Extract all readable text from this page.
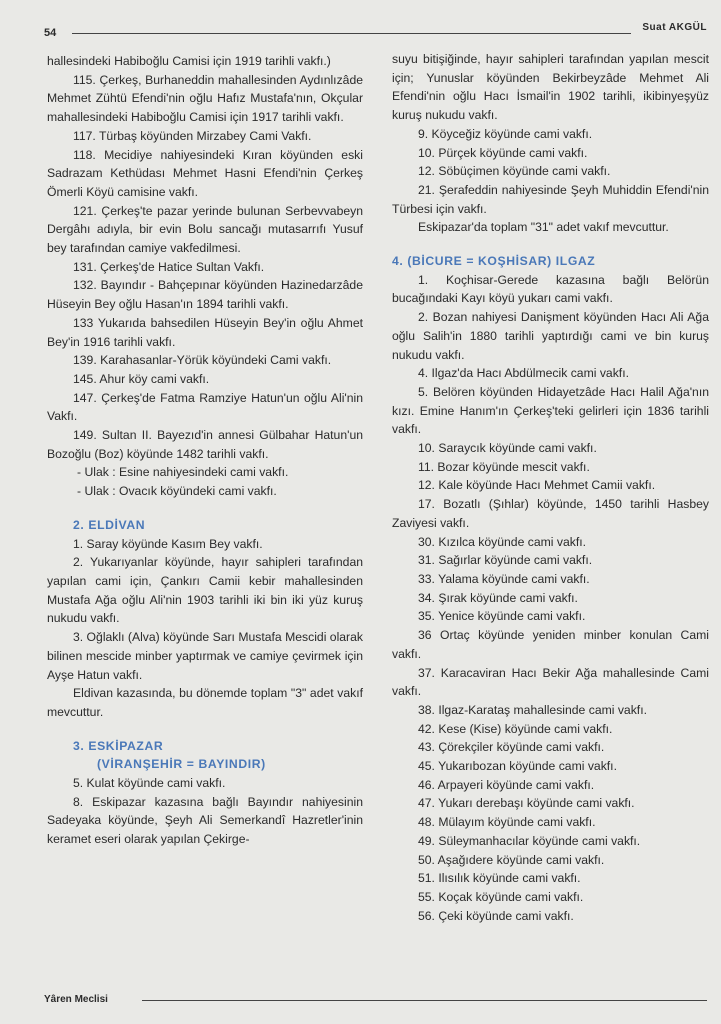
54	Suat AKGÜL

hallesindeki Habiboğlu Camisi için 1919 tarihli vakfı.)

115. Çerkeş, Burhaneddin mahallesinden Aydınlızâde Mehmet Zühtü Efendi'nin oğlu Hafız Mustafa'nın, Okçular mahallesindeki Habiboğlu Camisi için 1917 tarihli vakfı.

117. Türbaş köyünden Mirzabey Cami Vakfı.

118. Mecidiye nahiyesindeki Kıran köyünden eski Sadrazam Kethüdası Mehmet Hasni Efendi'nin Çerkeş Ömerli Köyü camisine vakfı.

121. Çerkeş'te pazar yerinde bulunan Serbevvabeyn Dergâhı adıyla, bir evin Bolu sancağı mutasarrıfı Yusuf bey tarafından camiye vakfedilmesi.

131. Çerkeş'de Hatice Sultan Vakfı.

132. Bayındır - Bahçepınar köyünden Hazinedarzâde Hüseyin Bey oğlu Hasan'ın 1894 tarihli vakfı.

133 Yukarıda bahsedilen Hüseyin Bey'in oğlu Ahmet Bey'in 1916 tarihli vakfı.

139. Karahasanlar-Yörük köyündeki Cami vakfı.

145. Ahur köy cami vakfı.

147. Çerkeş'de Fatma Ramziye Hatun'un oğlu Ali'nin Vakfı.

149. Sultan II. Bayezıd'in annesi Gülbahar Hatun'un Bozoğlu (Boz) köyünde 1482 tarihli vakfı.

- Ulak : Esine nahiyesindeki cami vakfı.

- Ulak : Ovacık köyündeki cami vakfı.

2. ELDİVAN

1. Saray köyünde Kasım Bey vakfı.

2. Yukarıyanlar köyünde, hayır sahipleri tarafından yapılan cami için, Çankırı Camii kebir mahallesinden Mustafa Ağa oğlu Ali'nin 1903 tarihli iki bin iki yüz kuruş nukudu vakfı.

3. Oğlaklı (Alva) köyünde Sarı Mustafa Mescidi olarak bilinen mescide minber yaptırmak ve camiye çevirmek için Ayşe Hatun vakfı.

Eldivan kazasında, bu dönemde toplam "3" adet vakıf mevcuttur.

3. ESKİPAZAR

(VİRANŞEHİR = BAYINDIR)

5. Kulat köyünde cami vakfı.

8. Eskipazar kazasına bağlı Bayındır nahiyesinin Sadeyaka köyünde, Şeyh Ali Semerkandî Hazretler'inin keramet eseri olarak yapılan Çekirge-

suyu bitişiğinde, hayır sahipleri tarafından yapılan mescit için; Yunuslar köyünden Bekirbeyzâde Mehmet Ali Efendi'nin oğlu Hacı İsmail'in 1902 tarihli, ikibinyeşyüz kuruş nukudu vakfı.

9. Köyceğiz köyünde cami vakfı.

10. Pürçek köyünde cami vakfı.

12. Söbüçimen köyünde cami vakfı.

21. Şerafeddin nahiyesinde Şeyh Muhiddin Efendi'nin Türbesi için vakfı.

Eskipazar'da toplam "31" adet vakıf mevcuttur.

4. (BİCURE = KOŞHİSAR) ILGAZ

1. Koçhisar-Gerede kazasına bağlı Belörün bucağındaki Kayı köyü yukarı cami vakfı.

2. Bozan nahiyesi Danişment köyünden Hacı Ali Ağa oğlu Salih'in 1880 tarihli yaptırdığı cami ve bin kuruş nukudu vakfı.

4. Ilgaz'da Hacı Abdülmecik cami vakfı.

5. Belören köyünden Hidayetzâde Hacı Halil Ağa'nın kızı. Emine Hanım'ın Çerkeş'teki gelirleri için 1836 tarihli vakfı.

10. Saraycık köyünde cami vakfı.

11. Bozar köyünde mescit vakfı.

12. Kale köyünde Hacı Mehmet Camii vakfı.

17. Bozatlı (Şıhlar) köyünde, 1450 tarihli Hasbey Zaviyesi vakfı.

30. Kızılca köyünde cami vakfı.

31. Sağırlar köyünde cami vakfı.

33. Yalama köyünde cami vakfı.

34. Şırak köyünde cami vakfı.

35. Yenice köyünde cami vakfı.

36 Ortaç köyünde yeniden minber konulan Cami vakfı.

37. Karacaviran Hacı Bekir Ağa mahallesinde Cami vakfı.

38. Ilgaz-Karataş mahallesinde cami vakfı.

42. Kese (Kise) köyünde cami vakfı.

43. Çörekçiler köyünde cami vakfı.

45. Yukarıbozan köyünde cami vakfı.

46. Arpayeri köyünde cami vakfı.

47. Yukarı derebaşı köyünde cami vakfı.

48. Mülayım köyünde cami vakfı.

49. Süleymanhacılar köyünde cami vakfı.

50. Aşağıdere köyünde cami vakfı.

51. Ilısılık köyünde cami vakfı.

55. Koçak köyünde cami vakfı.

56. Çeki köyünde cami vakfı.

Yâren Meclisi
